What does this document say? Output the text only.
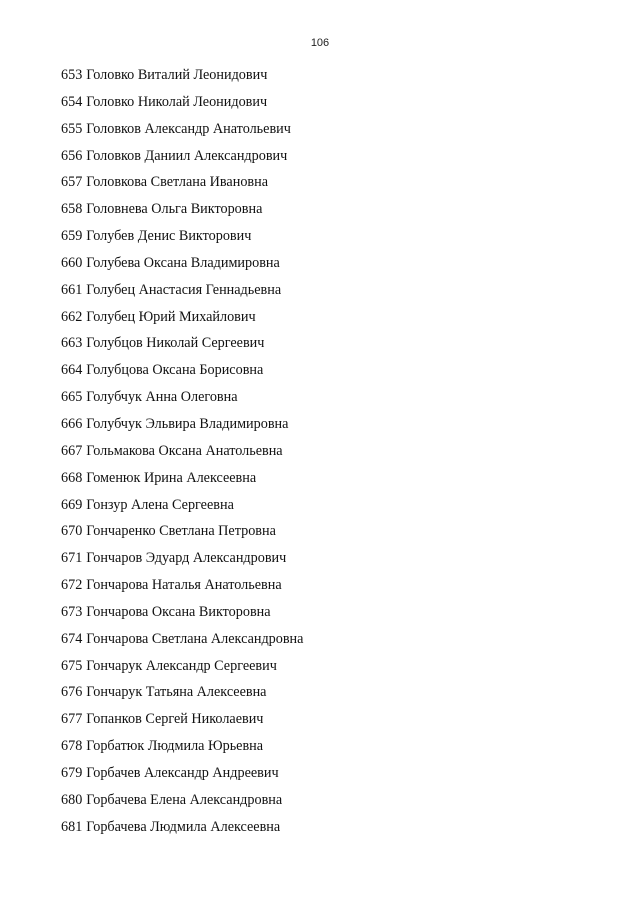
106
653 Головко Виталий Леонидович
654 Головко Николай Леонидович
655 Головков Александр Анатольевич
656 Головков Даниил Александрович
657 Головкова Светлана Ивановна
658 Головнева Ольга Викторовна
659 Голубев Денис Викторович
660 Голубева Оксана Владимировна
661 Голубец Анастасия Геннадьевна
662 Голубец Юрий Михайлович
663 Голубцов Николай Сергеевич
664 Голубцова Оксана Борисовна
665 Голубчук Анна Олеговна
666 Голубчук Эльвира Владимировна
667 Гольмакова Оксана Анатольевна
668 Гоменюк Ирина Алексеевна
669 Гонзур Алена Сергеевна
670 Гончаренко Светлана Петровна
671 Гончаров Эдуард Александрович
672 Гончарова Наталья Анатольевна
673 Гончарова Оксана Викторовна
674 Гончарова Светлана Александровна
675 Гончарук Александр Сергеевич
676 Гончарук Татьяна Алексеевна
677 Гопанков Сергей Николаевич
678 Горбатюк Людмила Юрьевна
679 Горбачев Александр Андреевич
680 Горбачева Елена Александровна
681 Горбачева Людмила Алексеевна
